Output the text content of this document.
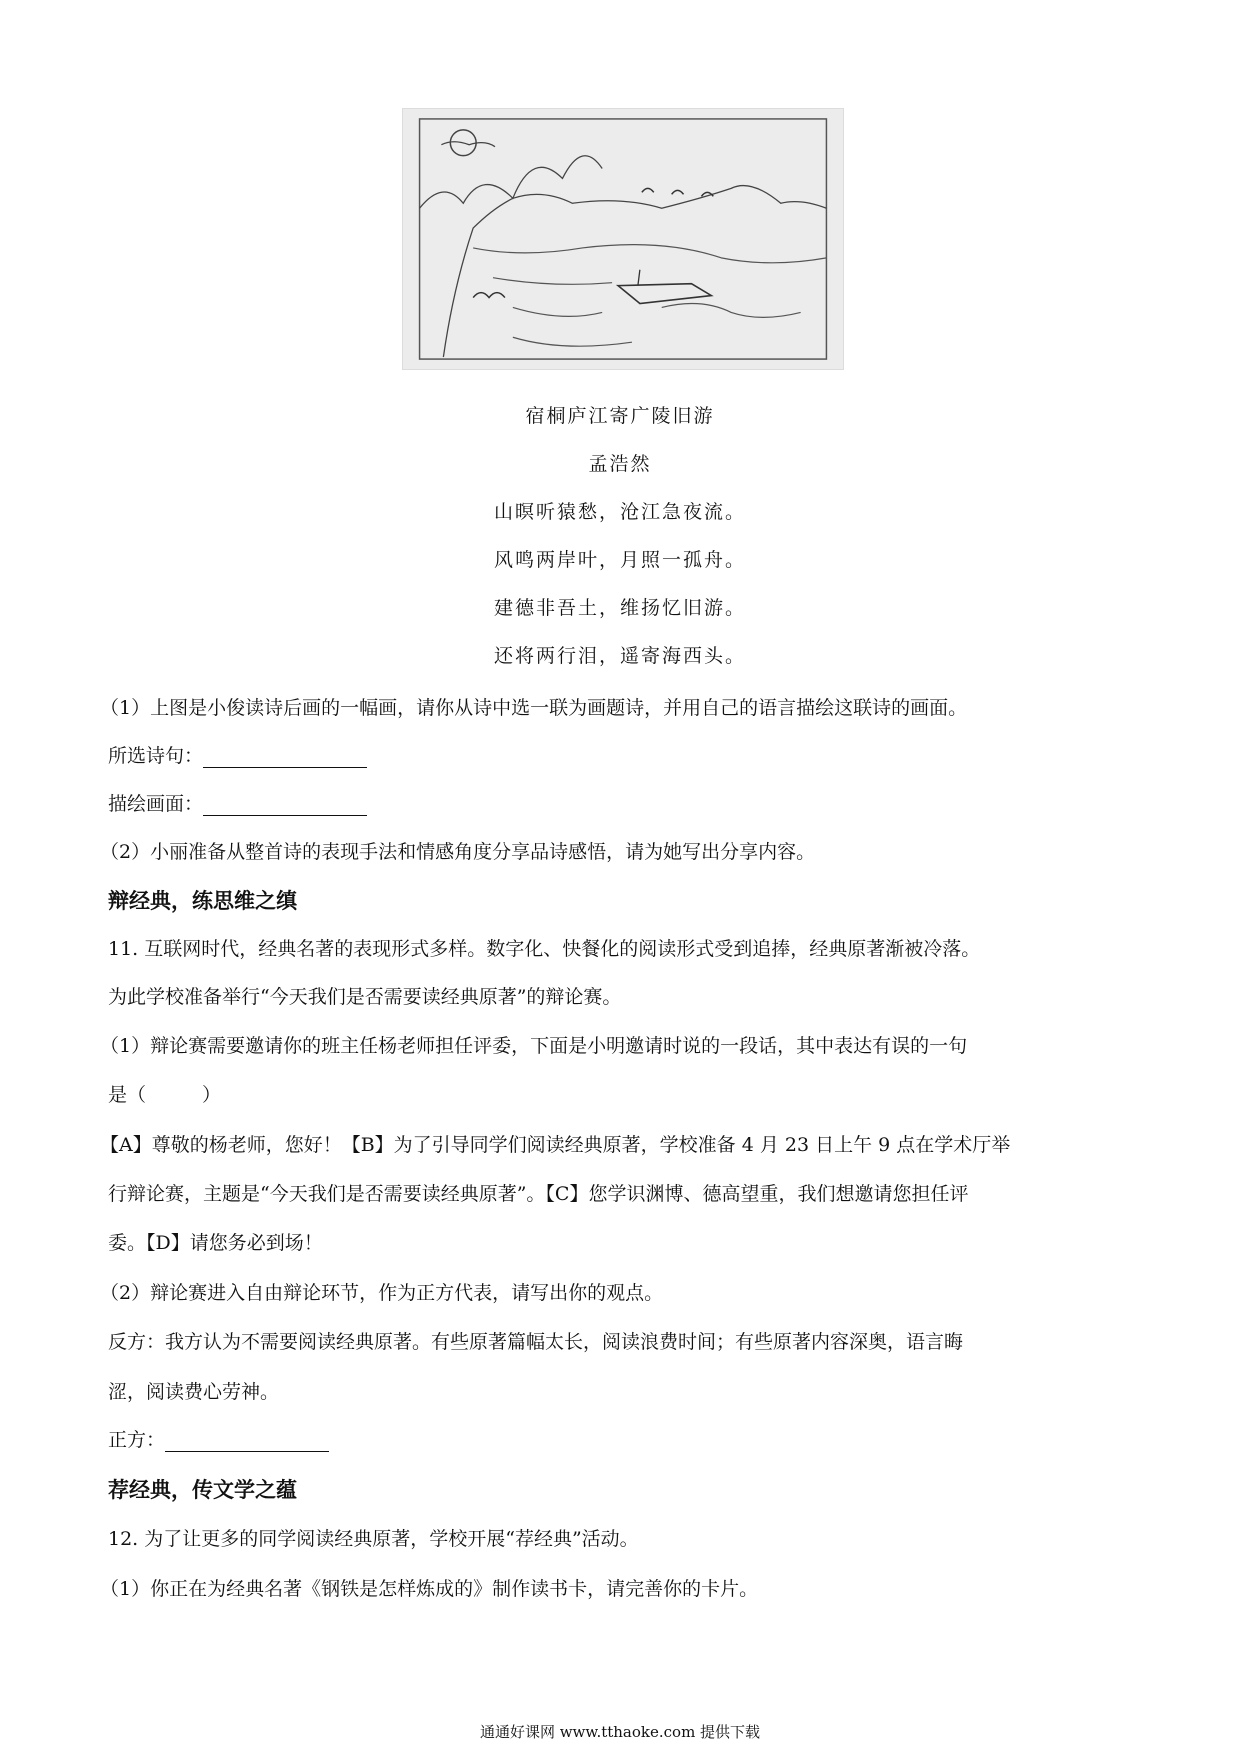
宿桐庐江寄广陵旧游
孟浩然
山暝听猿愁，沧江急夜流。
风鸣两岸叶，月照一孤舟。
建德非吾土，维扬忆旧游。
还将两行泪，遥寄海西头。
（1）上图是小俊读诗后画的一幅画，请你从诗中选一联为画题诗，并用自己的语言描绘这联诗的画面。
所选诗句：
描绘画面：
（2）小丽准备从整首诗的表现手法和情感角度分享品诗感悟，请为她写出分享内容。
辩经典，练思维之缜
11. 互联网时代，经典名著的表现形式多样。数字化、快餐化的阅读形式受到追捧，经典原著渐被冷落。
为此学校准备举行“今天我们是否需要读经典原著”的辩论赛。
（1）辩论赛需要邀请你的班主任杨老师担任评委，下面是小明邀请时说的一段话，其中表达有误的一句
是（	）
【A】尊敬的杨老师，您好！【B】为了引导同学们阅读经典原著，学校准备 4 月 23 日上午 9 点在学术厅举
行辩论赛，主题是“今天我们是否需要读经典原著”。【C】您学识渊博、德高望重，我们想邀请您担任评
委。【D】请您务必到场！
（2）辩论赛进入自由辩论环节，作为正方代表，请写出你的观点。
反方：我方认为不需要阅读经典原著。有些原著篇幅太长，阅读浪费时间；有些原著内容深奥，语言晦
涩，阅读费心劳神。
正方：
荐经典，传文学之蕴
12. 为了让更多的同学阅读经典原著，学校开展“荐经典”活动。
（1）你正在为经典名著《钢铁是怎样炼成的》制作读书卡，请完善你的卡片。
通通好课网 www.tthaoke.com 提供下载
